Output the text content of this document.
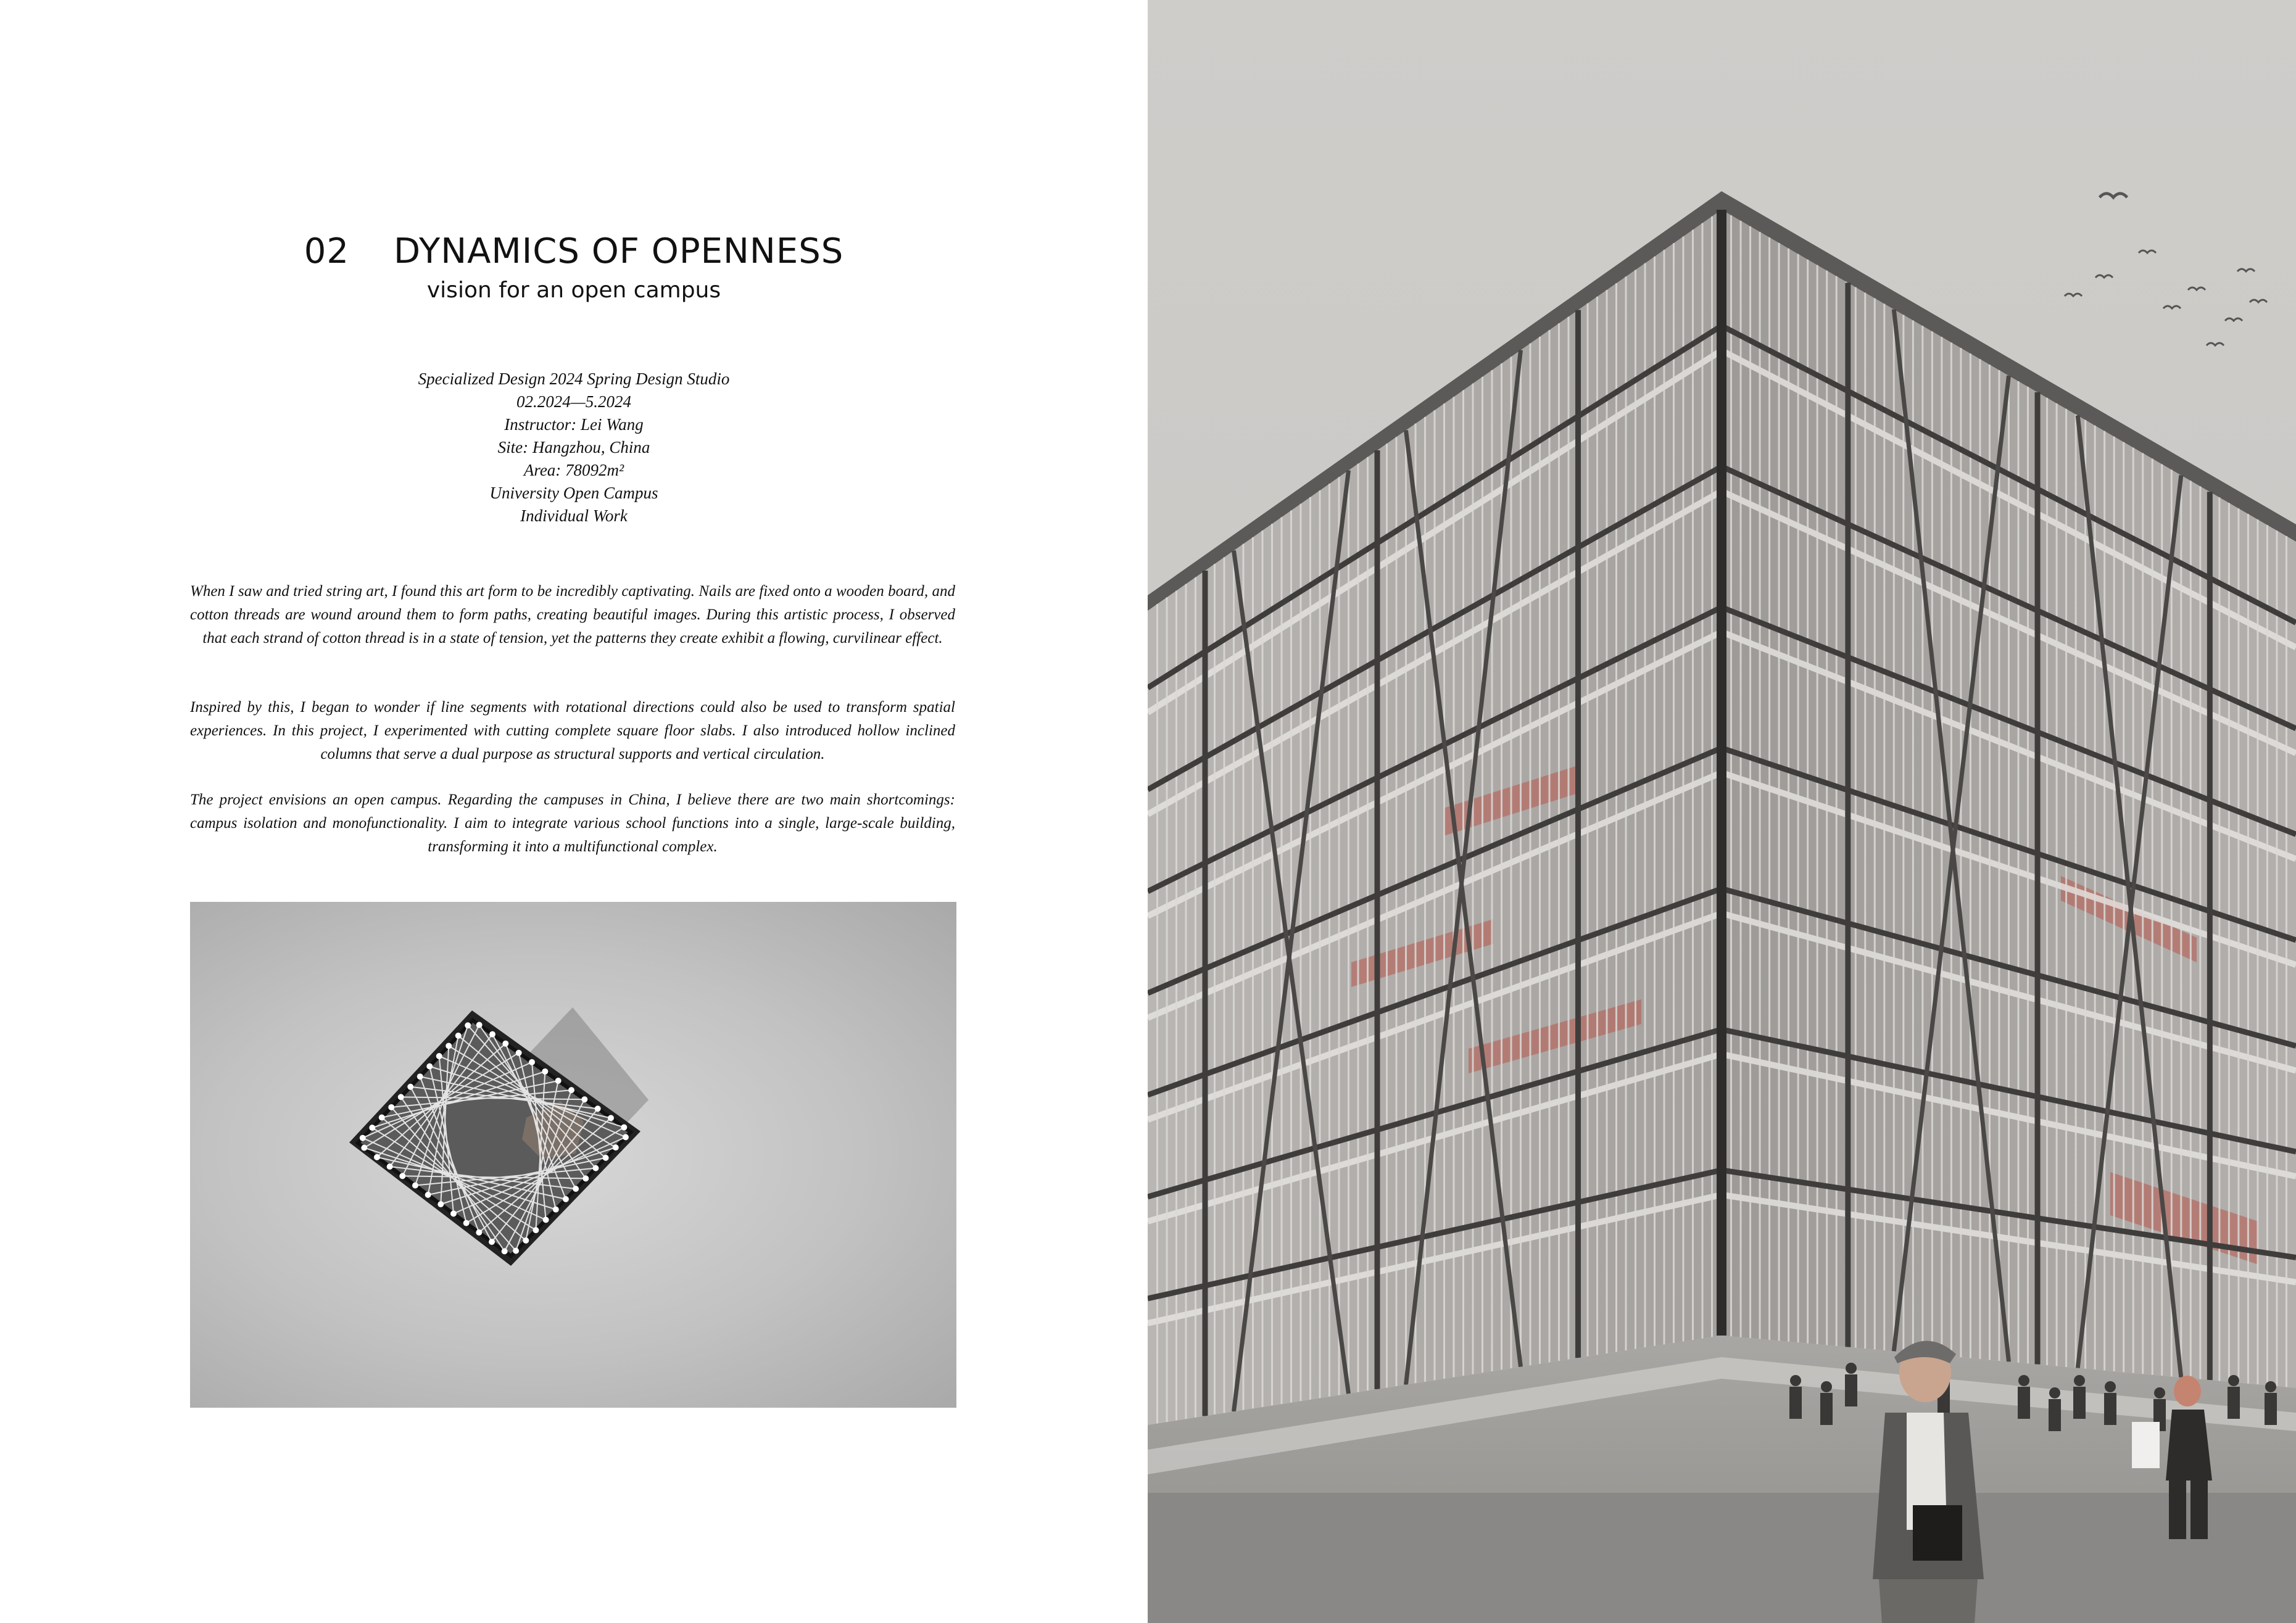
02 DYNAMICS OF OPENNESS
vision for an open campus
Specialized Design 2024 Spring Design Studio
02.2024—5.2024
Instructor: Lei Wang
Site: Hangzhou, China
Area: 78092m²
University Open Campus
Individual Work

When I saw and tried string art, I found this art form to be incredibly captivating. Nails are fixed onto a wooden board, and cotton threads are wound around them to form paths, creating beautiful images. During this artistic process, I observed that each strand of cotton thread is in a state of tension, yet the patterns they create exhibit a flowing, curvilinear effect.

Inspired by this, I began to wonder if line segments with rotational directions could also be used to transform spatial experiences. In this project, I experimented with cutting complete square floor slabs. I also introduced hollow inclined columns that serve a dual purpose as structural supports and vertical circulation.

The project envisions an open campus. Regarding the campuses in China, I believe there are two main shortcomings: campus isolation and monofunctionality. I aim to integrate various school functions into a single, large-scale building, transforming it into a multifunctional complex.
